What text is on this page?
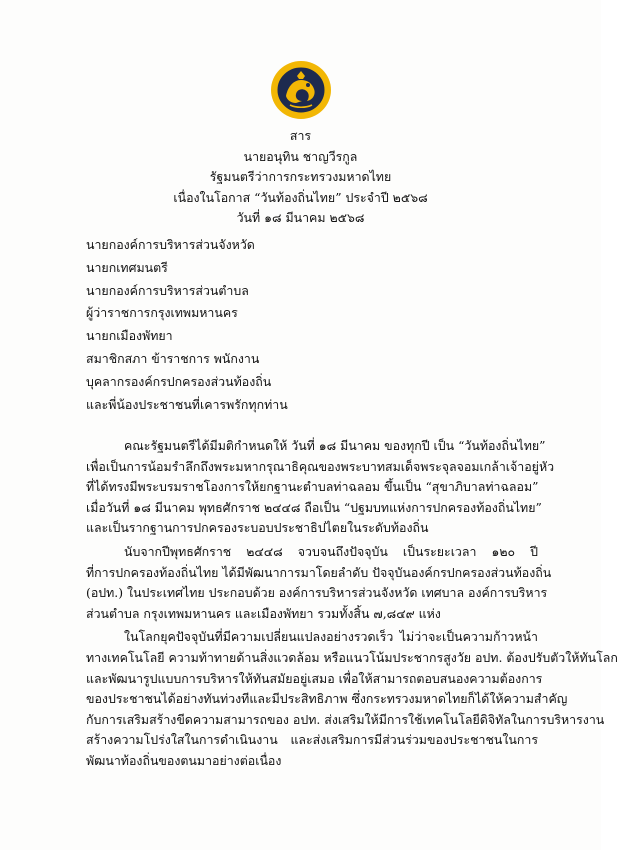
สาร
นายอนุทิน ชาญวีรกูล
รัฐมนตรีว่าการกระทรวงมหาดไทย
เนื่องในโอกาส “วันท้องถิ่นไทย” ประจำปี ๒๕๖๘
วันที่ ๑๘ มีนาคม ๒๕๖๘
นายกองค์การบริหารส่วนจังหวัด
นายกเทศมนตรี
นายกองค์การบริหารส่วนตำบล
ผู้ว่าราชการกรุงเทพมหานคร
นายกเมืองพัทยา
สมาชิกสภา ข้าราชการ พนักงาน
บุคลากรองค์กรปกครองส่วนท้องถิ่น
และพี่น้องประชาชนที่เคารพรักทุกท่าน
คณะรัฐมนตรีได้มีมติกำหนดให้ วันที่ ๑๘ มีนาคม ของทุกปี เป็น “วันท้องถิ่นไทย”
เพื่อเป็นการน้อมรำลึกถึงพระมหากรุณาธิคุณของพระบาทสมเด็จพระจุลจอมเกล้าเจ้าอยู่หัว
ที่ได้ทรงมีพระบรมราชโองการให้ยกฐานะตำบลท่าฉลอม ขึ้นเป็น “สุขาภิบาลท่าฉลอม”
เมื่อวันที่ ๑๘ มีนาคม พุทธศักราช ๒๔๔๘ ถือเป็น “ปฐมบทแห่งการปกครองท้องถิ่นไทย”
และเป็นรากฐานการปกครองระบอบประชาธิปไตยในระดับท้องถิ่น
นับจากปีพุทธศักราช ๒๔๔๘ จวบจนถึงปัจจุบัน เป็นระยะเวลา ๑๒๐ ปี
ที่การปกครองท้องถิ่นไทย ได้มีพัฒนาการมาโดยลำดับ ปัจจุบันองค์กรปกครองส่วนท้องถิ่น
(อปท.) ในประเทศไทย ประกอบด้วย องค์การบริหารส่วนจังหวัด เทศบาล องค์การบริหาร
ส่วนตำบล กรุงเทพมหานคร และเมืองพัทยา รวมทั้งสิ้น ๗,๘๔๙ แห่ง
ในโลกยุคปัจจุบันที่มีความเปลี่ยนแปลงอย่างรวดเร็ว ไม่ว่าจะเป็นความก้าวหน้า
ทางเทคโนโลยี ความท้าทายด้านสิ่งแวดล้อม หรือแนวโน้มประชากรสูงวัย อปท. ต้องปรับตัวให้ทันโลก
และพัฒนารูปแบบการบริหารให้ทันสมัยอยู่เสมอ เพื่อให้สามารถตอบสนองความต้องการ
ของประชาชนได้อย่างทันท่วงทีและมีประสิทธิภาพ ซึ่งกระทรวงมหาดไทยก็ได้ให้ความสำคัญ
กับการเสริมสร้างขีดความสามารถของ อปท. ส่งเสริมให้มีการใช้เทคโนโลยีดิจิทัลในการบริหารงาน
สร้างความโปร่งใสในการดำเนินงาน และส่งเสริมการมีส่วนร่วมของประชาชนในการ
พัฒนาท้องถิ่นของตนมาอย่างต่อเนื่อง
